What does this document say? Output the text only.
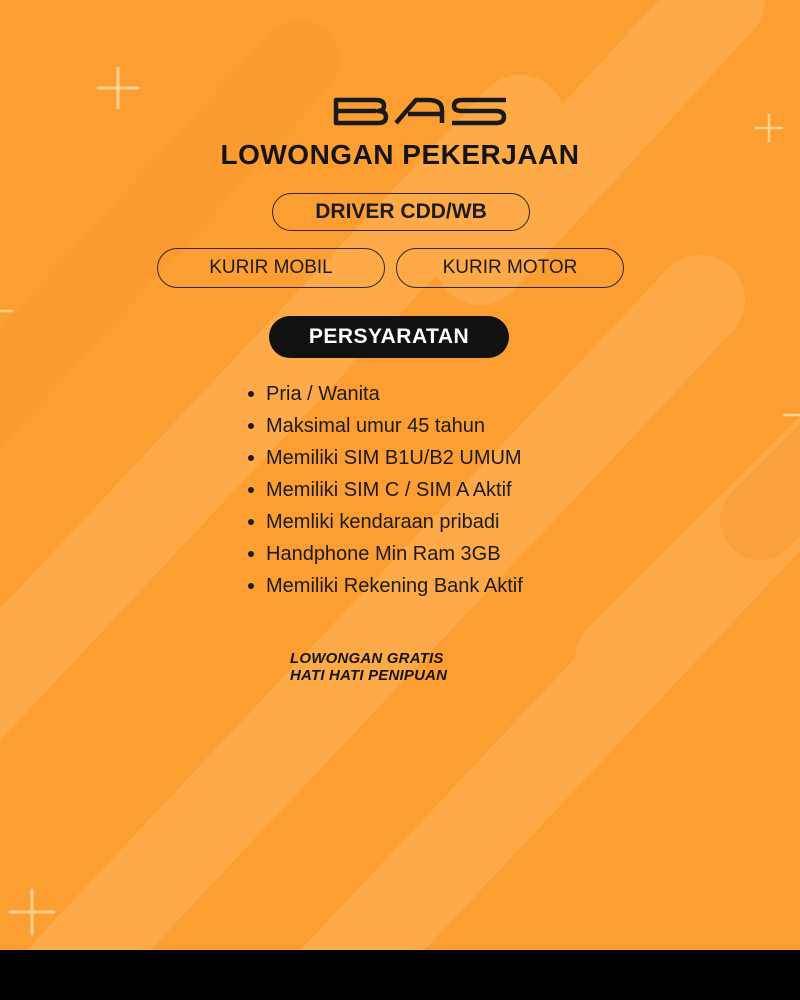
LOWONGAN PEKERJAAN
DRIVER CDD/WB
KURIR MOBIL	KURIR MOTOR
PERSYARATAN
Pria / Wanita
Maksimal umur 45 tahun
Memiliki SIM B1U/B2 UMUM
Memiliki SIM C / SIM A Aktif
Memliki kendaraan pribadi
Handphone Min Ram 3GB
Memiliki Rekening Bank Aktif
LOWONGAN GRATIS
HATI HATI PENIPUAN
